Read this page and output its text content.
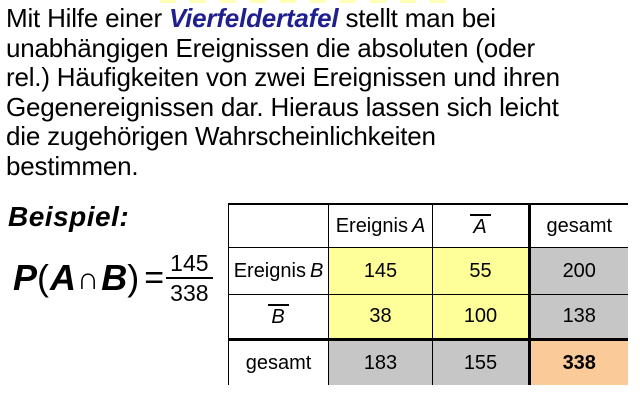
Mit Hilfe einer Vierfeldertafel stellt man bei
unabhängigen Ereignissen die absoluten (oder
rel.) Häufigkeiten von zwei Ereignissen und ihren
Gegenereignissen dar. Hieraus lassen sich leicht
die zugehörigen Wahrscheinlichkeiten
bestimmen.
Beispiel:
P ( A ∩ B ) = $\frac{145}{338}$
	Ereignis A	A	gesamt
Ereignis B	145	55	200
B	38	100	138
gesamt	183	155	338
